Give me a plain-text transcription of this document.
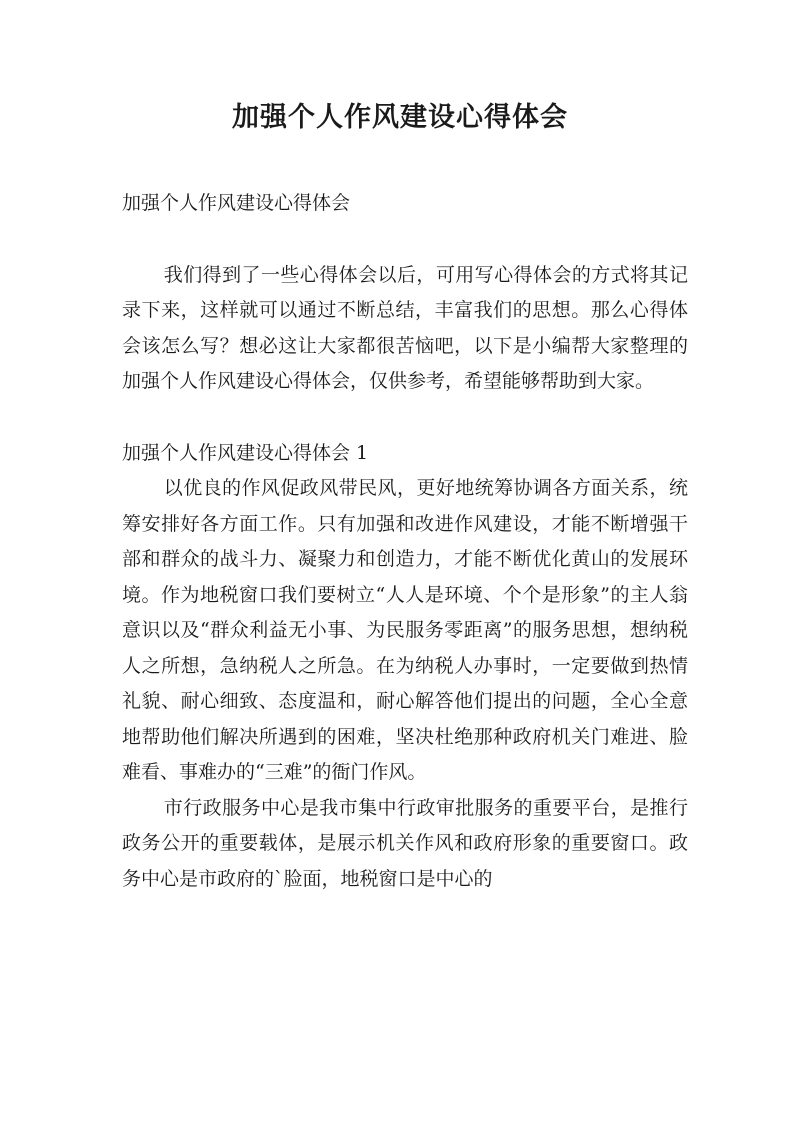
加强个人作风建设心得体会

加强个人作风建设心得体会

我们得到了一些心得体会以后，可用写心得体会的方式将其记录下来，这样就可以通过不断总结，丰富我们的思想。那么心得体会该怎么写？想必这让大家都很苦恼吧，以下是小编帮大家整理的加强个人作风建设心得体会，仅供参考，希望能够帮助到大家。

加强个人作风建设心得体会 1

以优良的作风促政风带民风，更好地统筹协调各方面关系，统筹安排好各方面工作。只有加强和改进作风建设，才能不断增强干部和群众的战斗力、凝聚力和创造力，才能不断优化黄山的发展环境。作为地税窗口我们要树立“人人是环境、个个是形象”的主人翁意识以及“群众利益无小事、为民服务零距离”的服务思想，想纳税人之所想，急纳税人之所急。在为纳税人办事时，一定要做到热情礼貌、耐心细致、态度温和，耐心解答他们提出的问题，全心全意地帮助他们解决所遇到的困难，坚决杜绝那种政府机关门难进、脸难看、事难办的“三难”的衙门作风。

市行政服务中心是我市集中行政审批服务的重要平台，是推行政务公开的重要载体，是展示机关作风和政府形象的重要窗口。政务中心是市政府的`脸面，地税窗口是中心的
